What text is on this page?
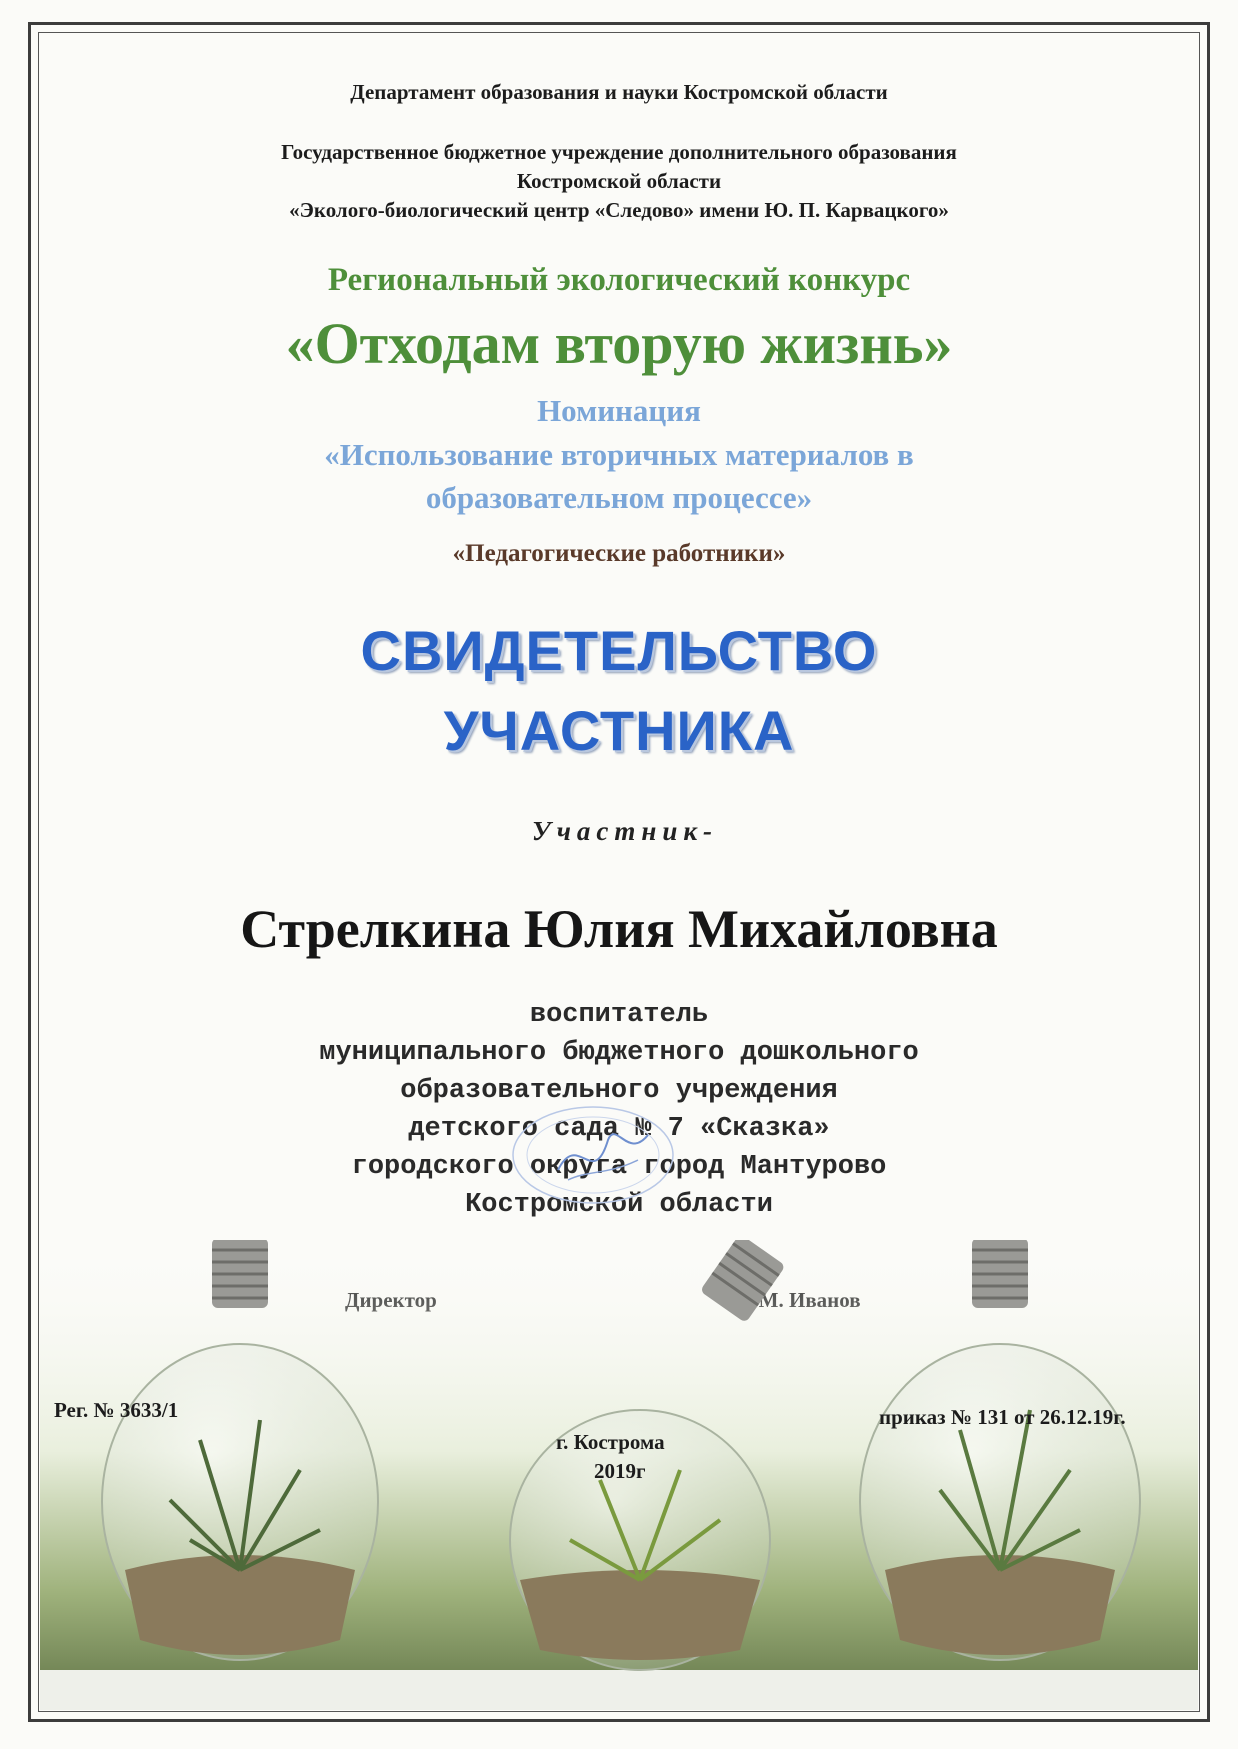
Департамент образования и науки Костромской области
Государственное бюджетное учреждение дополнительного образования
Костромской области
«Эколого-биологический центр «Следово» имени Ю. П. Карвацкого»
Региональный экологический конкурс
«Отходам вторую жизнь»
Номинация
«Использование вторичных материалов в
образовательном процессе»
«Педагогические работники»
СВИДЕТЕЛЬСТВО
УЧАСТНИКА
Участник-
Стрелкина Юлия Михайловна
воспитатель
муниципального бюджетного дошкольного
образовательного учреждения
детского сада № 7 «Сказка»
городского округа город Мантурово
Костромской области
Рег. № 3633/1
г. Кострома
2019г
приказ № 131 от 26.12.19г.
